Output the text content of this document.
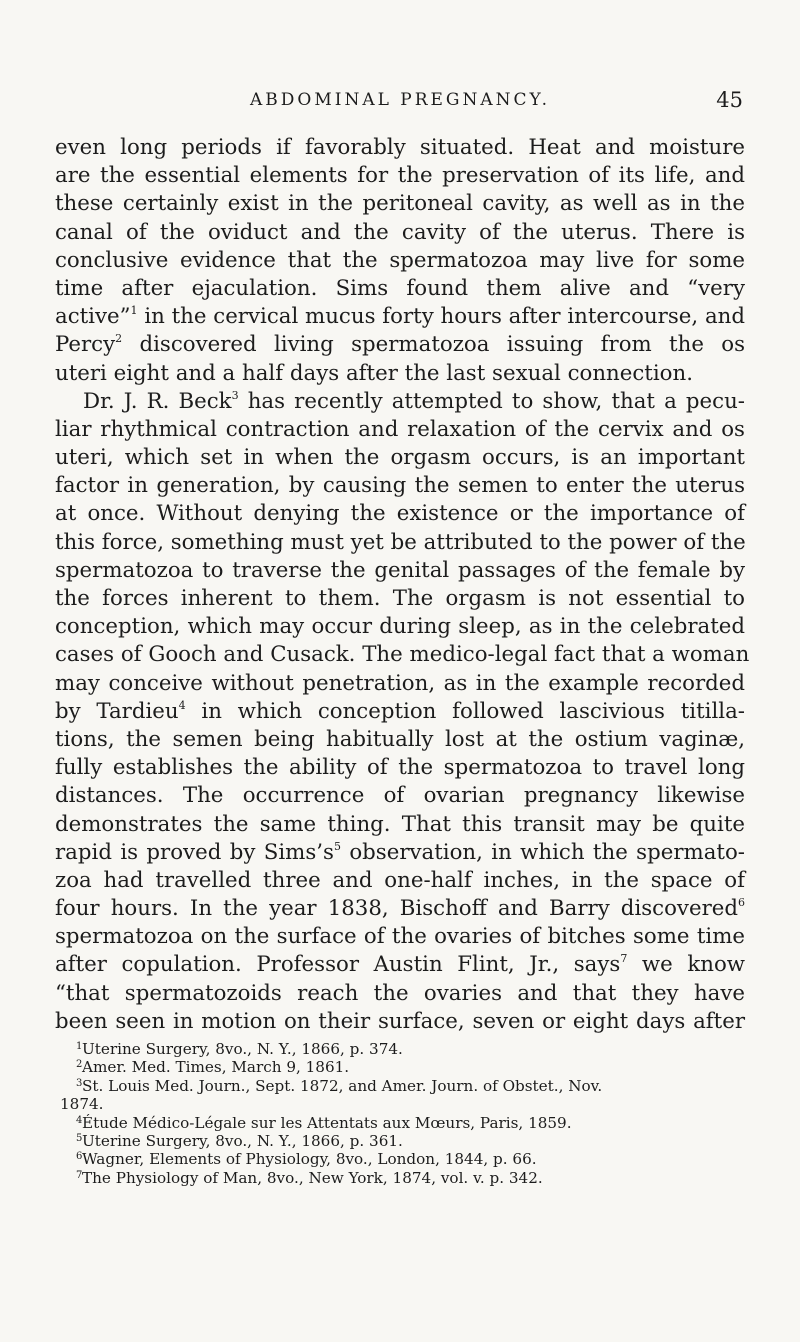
ABDOMINAL PREGNANCY.	45
even long periods if favorably situated. Heat and moisture
are the essential elements for the preservation of its life, and
these certainly exist in the peritoneal cavity, as well as in the
canal of the oviduct and the cavity of the uterus. There is
conclusive evidence that the spermatozoa may live for some
time after ejaculation. Sims found them alive and “very
active”$^1$ in the cervical mucus forty hours after intercourse, and
Percy$^2$ discovered living spermatozoa issuing from the os
uteri eight and a half days after the last sexual connection.
Dr. J. R. Beck$^3$ has recently attempted to show, that a pecu-
liar rhythmical contraction and relaxation of the cervix and os
uteri, which set in when the orgasm occurs, is an important
factor in generation, by causing the semen to enter the uterus
at once. Without denying the existence or the importance of
this force, something must yet be attributed to the power of the
spermatozoa to traverse the genital passages of the female by
the forces inherent to them. The orgasm is not essential to
conception, which may occur during sleep, as in the celebrated
cases of Gooch and Cusack. The medico-legal fact that a woman
may conceive without penetration, as in the example recorded
by Tardieu$^4$ in which conception followed lascivious titilla-
tions, the semen being habitually lost at the ostium vaginæ,
fully establishes the ability of the spermatozoa to travel long
distances. The occurrence of ovarian pregnancy likewise
demonstrates the same thing. That this transit may be quite
rapid is proved by $Sims’s^5$ observation, in which the spermato-
zoa had travelled three and one-half inches, in the space of
four hours. In the year 1838, Bischoff and Barry discovered$^6$
spermatozoa on the surface of the ovaries of bitches some time
after copulation. Professor Austin Flint, Jr., says$^7$ we know
“that spermatozoids reach the ovaries and that they have
been seen in motion on their surface, seven or eight days after
1 Uterine Surgery, 8vo., N. Y., 1866, p. 374.
2 Amer. Med. Times, March 9, 1861.
3 St. Louis Med. Journ., Sept. 1872, and Amer. Journ. of Obstet., Nov.
1874.
4 Étude Médico-Légale sur les Attentats aux Mœurs, Paris, 1859.
5 Uterine Surgery, 8vo., N. Y., 1866, p. 361.
6 Wagner, Elements of Physiology, 8vo., London, 1844, p. 66.
7 The Physiology of Man, 8vo., New York, 1874, vol. v. p. 342.
